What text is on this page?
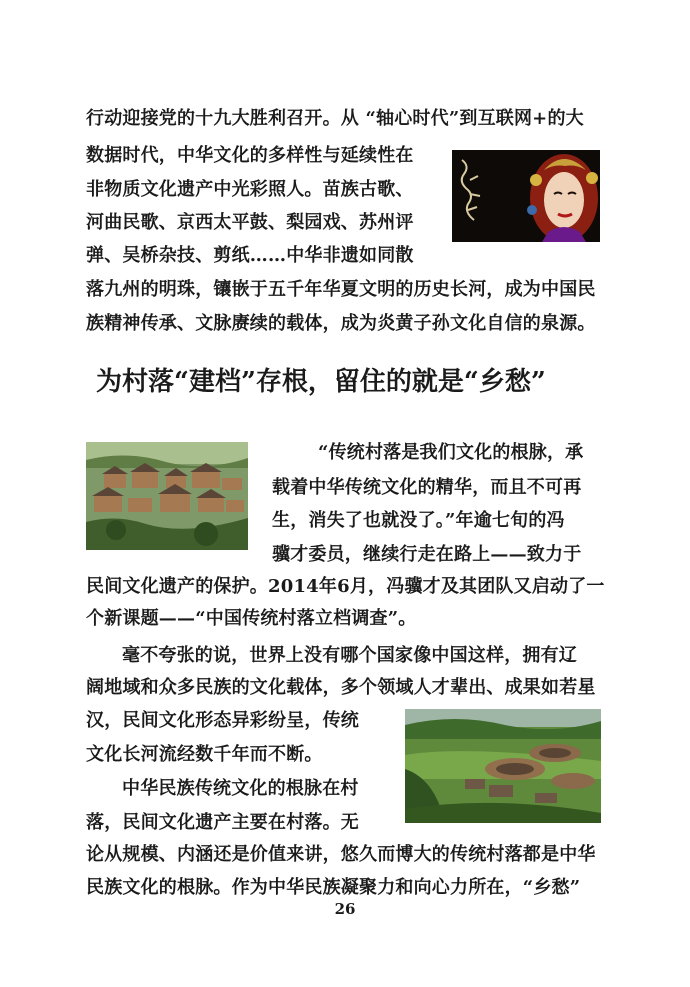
行动迎接党的十九大胜利召开。从 “轴心时代”到互联网+的大
数据时代，中华文化的多样性与延续性在
非物质文化遗产中光彩照人。苗族古歌、
河曲民歌、京西太平鼓、梨园戏、苏州评
弹、吴桥杂技、剪纸……中华非遗如同散
落九州的明珠，镶嵌于五千年华夏文明的历史长河，成为中国民
族精神传承、文脉赓续的载体，成为炎黄子孙文化自信的泉源。
为村落“建档”存根，留住的就是“乡愁”
“传统村落是我们文化的根脉，承
载着中华传统文化的精华，而且不可再
生，消失了也就没了。”年逾七旬的冯
骥才委员，继续行走在路上——致力于
民间文化遗产的保护。2014年6月，冯骥才及其团队又启动了一
个新课题——“中国传统村落立档调查”。
毫不夸张的说，世界上没有哪个国家像中国这样，拥有辽
阔地域和众多民族的文化载体，多个领域人才辈出、成果如若星
汉，民间文化形态异彩纷呈，传统
文化长河流经数千年而不断。
中华民族传统文化的根脉在村
落，民间文化遗产主要在村落。无
论从规模、内涵还是价值来讲，悠久而博大的传统村落都是中华
民族文化的根脉。作为中华民族凝聚力和向心力所在，“乡愁”
26
